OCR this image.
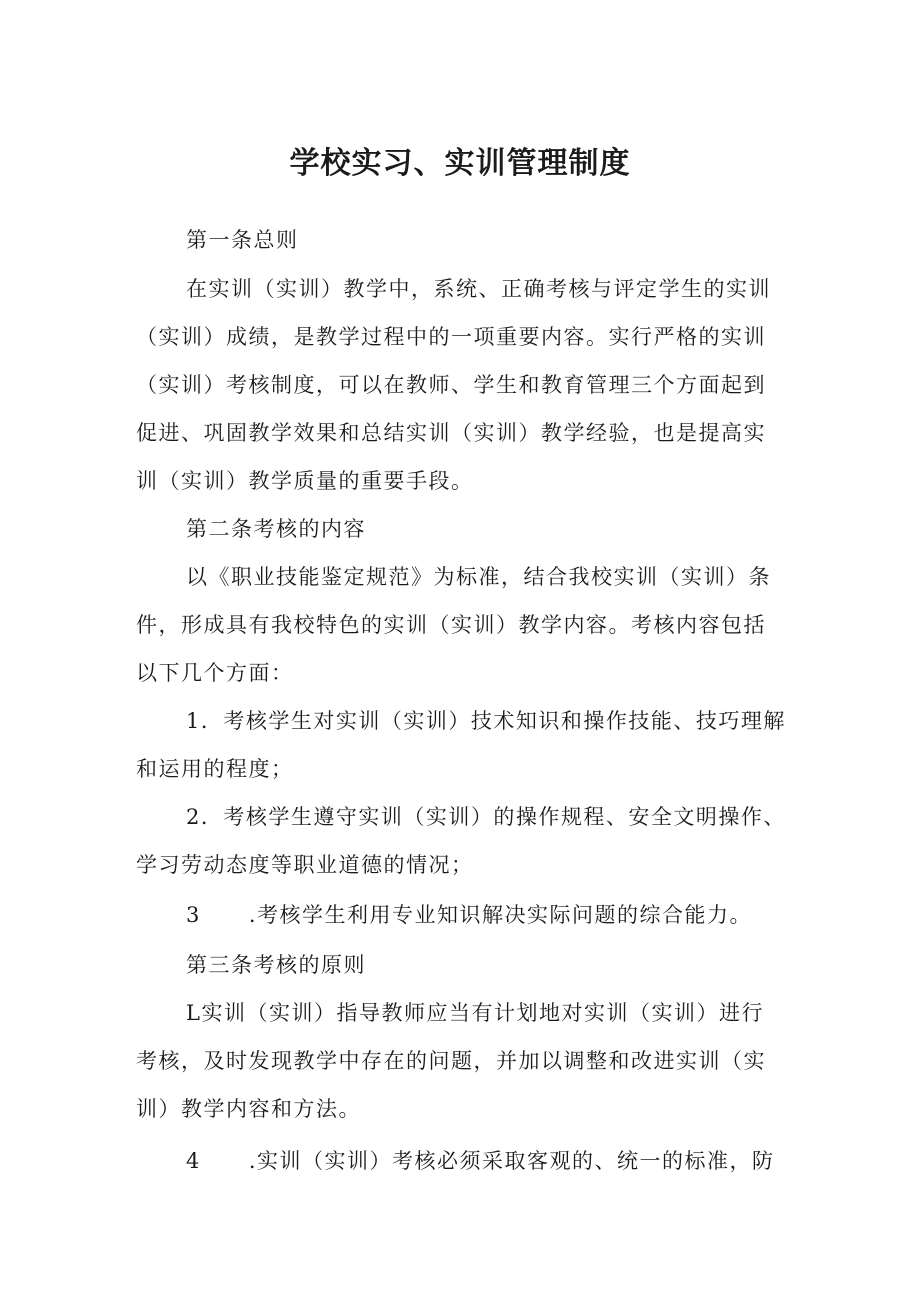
学校实习、实训管理制度

第一条总则

在实训（实训）教学中，系统、正确考核与评定学生的实训

（实训）成绩，是教学过程中的一项重要内容。实行严格的实训

（实训）考核制度，可以在教师、学生和教育管理三个方面起到

促进、巩固教学效果和总结实训（实训）教学经验，也是提高实

训（实训）教学质量的重要手段。

第二条考核的内容

以《职业技能鉴定规范》为标准，结合我校实训（实训）条

件，形成具有我校特色的实训（实训）教学内容。考核内容包括

以下几个方面：

1．考核学生对实训（实训）技术知识和操作技能、技巧理解

和运用的程度；

2．考核学生遵守实训（实训）的操作规程、安全文明操作、

学习劳动态度等职业道德的情况；

3 .考核学生利用专业知识解决实际问题的综合能力。

第三条考核的原则

L实训（实训）指导教师应当有计划地对实训（实训）进行

考核，及时发现教学中存在的问题，并加以调整和改进实训（实

训）教学内容和方法。

4 .实训（实训）考核必须采取客观的、统一的标准，防
